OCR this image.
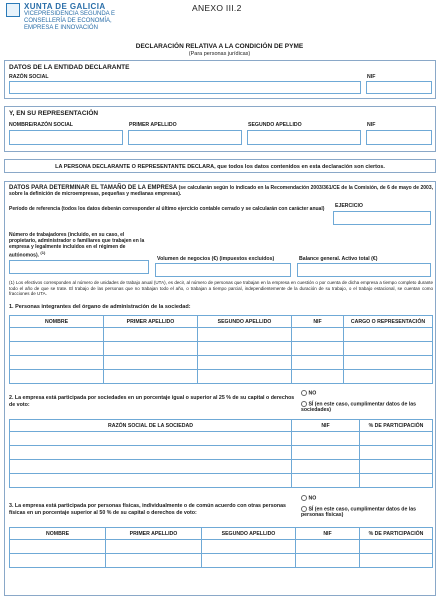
XUNTA DE GALICIA
VICEPRESIDENCIA SEGUNDA E
CONSELLERÍA DE ECONOMÍA,
EMPRESA E INNOVACIÓN
ANEXO III.2
DECLARACIÓN RELATIVA A LA CONDICIÓN DE PYME
(Para personas jurídicas)
DATOS DE LA ENTIDAD DECLARANTE
RAZÓN SOCIAL	NIF
Y, EN SU REPRESENTACIÓN
NOMBRE/RAZÓN SOCIAL	PRIMER APELLIDO	SEGUNDO APELLIDO	NIF
LA PERSONA DECLARANTE O REPRESENTANTE DECLARA, que todos los datos contenidos en esta declaración son ciertos.
DATOS PARA DETERMINAR EL TAMAÑO DE LA EMPRESA (se calcularán según lo indicado en la Recomendación 2003/361/CE de la Comisión, de 6 de mayo de 2003, sobre la definición de microempresas, pequeñas y medianas empresas).
Período de referencia (todos los datos deberán corresponder al último ejercicio contable cerrado y se calcularán con carácter anual) EJERCICIO
Número de trabajadores (incluido, en su caso, el propietario, administrador o familiares que trabajen en la empresa y legalmente incluidos en el régimen de autónomos). $^{(1)}$
Volumen de negocios (€) (impuestos excluidos)	Balance general. Activo total (€)
(1) Los efectivos corresponden al número de unidades de trabajo anual (UTA), es decir, al número de personas que trabajan en la empresa en cuestión o por cuenta de dicha empresa a tiempo completo durante todo el año de que se trate. El trabajo de las personas que no trabajan todo el año, o trabajan a tiempo parcial, independientemente de la duración de su trabajo, o el trabajo estacional, se cuentan como fracciones de UTA.
1. Personas integrantes del órgano de administración de la sociedad:
NOMBRE	PRIMER APELLIDO	SEGUNDO APELLIDO	NIF	CARGO O REPRESENTACIÓN

2. La empresa está participada por sociedades en un porcentaje igual o superior al 25 % de su capital o derechos de voto:
NO
SÍ (en este caso, cumplimentar datos de las sociedades)
RAZÓN SOCIAL DE LA SOCIEDAD	NIF	% DE PARTICIPACIÓN

3. La empresa está participada por personas físicas, individualmente o de común acuerdo con otras personas físicas en un porcentaje superior al 50 % de su capital o derechos de voto:
NO
SÍ (en este caso, cumplimentar datos de las personas físicas)
NOMBRE	PRIMER APELLIDO	SEGUNDO APELLIDO	NIF	% DE PARTICIPACIÓN
